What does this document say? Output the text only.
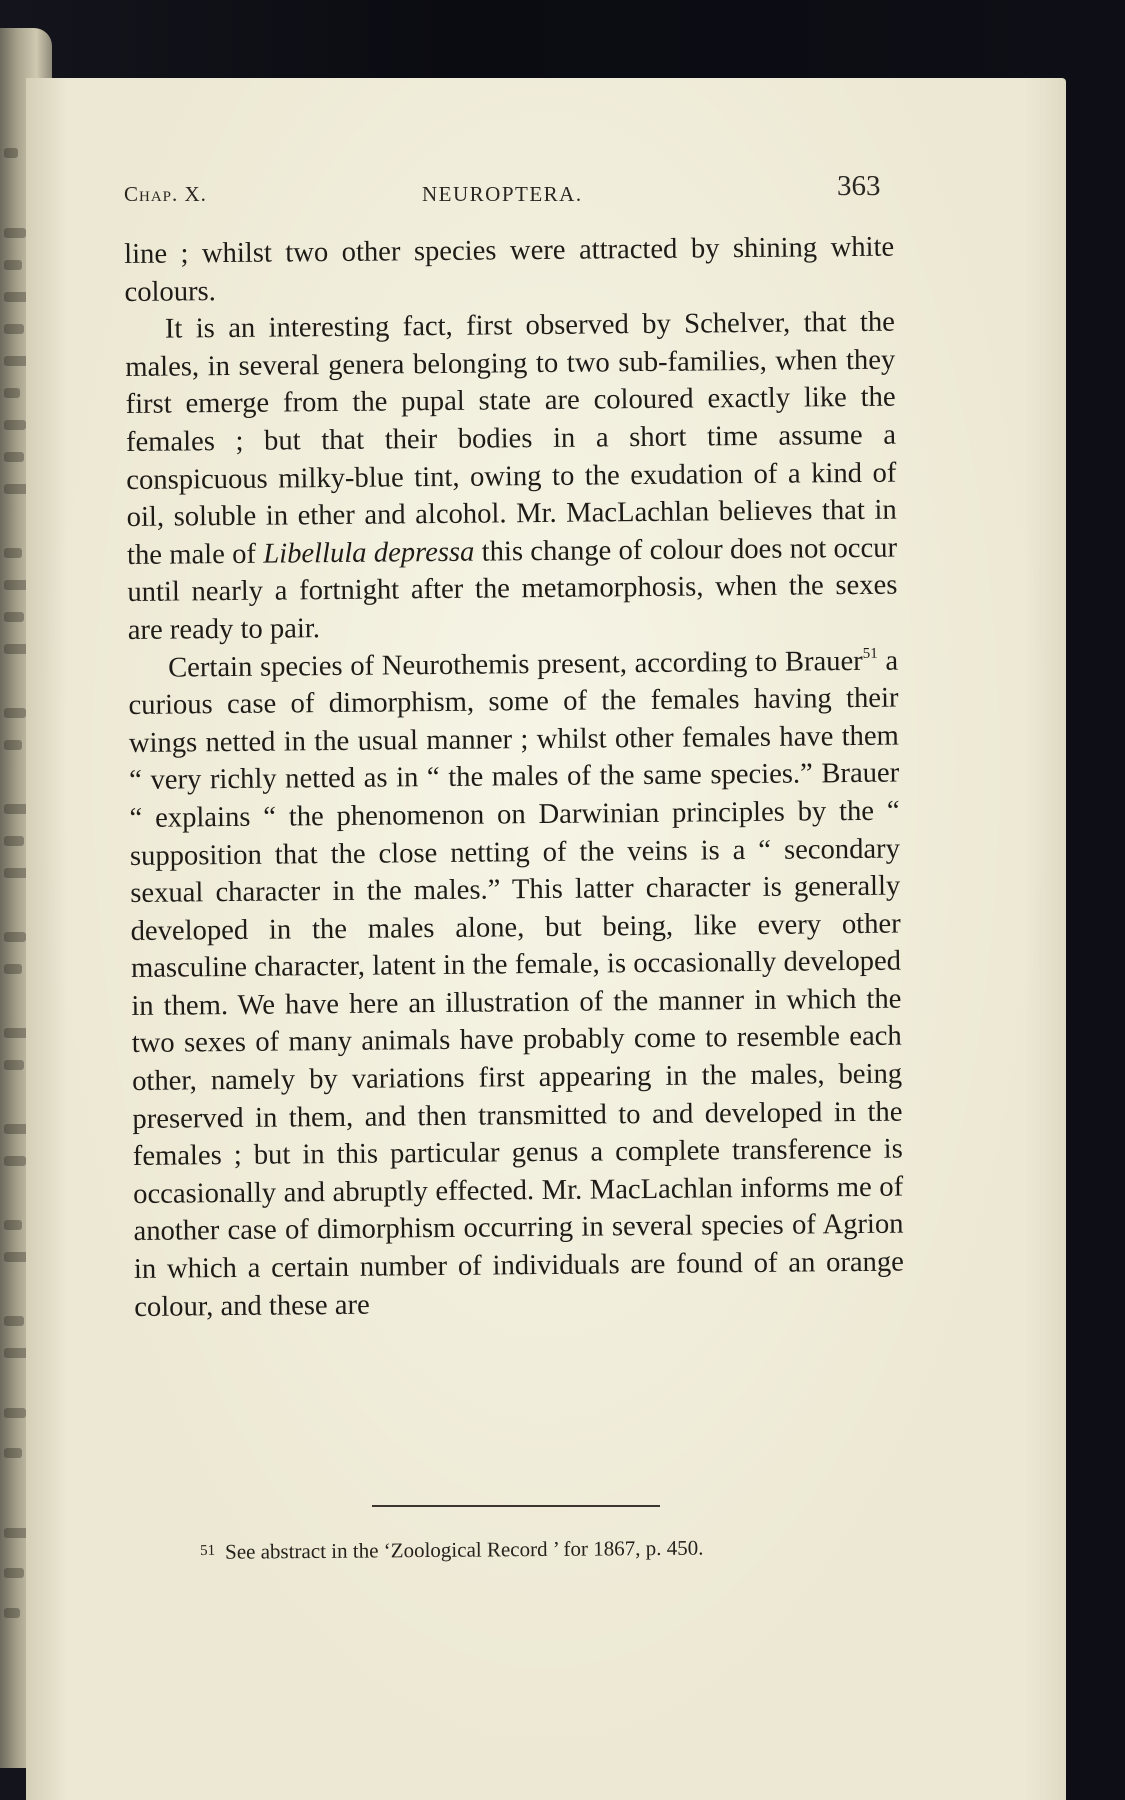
Chap. X.	NEUROPTERA.	363

line ; whilst two other species were attracted by shining white colours.

It is an interesting fact, first observed by Schelver, that the males, in several genera belonging to two sub-families, when they first emerge from the pupal state are coloured exactly like the females ; but that their bodies in a short time assume a conspicuous milky-blue tint, owing to the exudation of a kind of oil, soluble in ether and alcohol. Mr. MacLachlan believes that in the male of Libellula depressa this change of colour does not occur until nearly a fortnight after the metamorphosis, when the sexes are ready to pair.

Certain species of Neurothemis present, according to Brauer$^{51}$ a curious case of dimorphism, some of the females having their wings netted in the usual manner ; whilst other females have them “ very richly netted as in “ the males of the same species.” Brauer “ explains “ the phenomenon on Darwinian principles by the “ supposition that the close netting of the veins is a “ secondary sexual character in the males.” This latter character is generally developed in the males alone, but being, like every other masculine character, latent in the female, is occasionally developed in them. We have here an illustration of the manner in which the two sexes of many animals have probably come to resemble each other, namely by variations first appearing in the males, being preserved in them, and then transmitted to and developed in the females ; but in this particular genus a complete transference is occasionally and abruptly effected. Mr. MacLachlan informs me of another case of dimorphism occurring in several species of Agrion in which a certain number of individuals are found of an orange colour, and these are

51 See abstract in the ‘Zoological Record ’ for 1867, p. 450.
